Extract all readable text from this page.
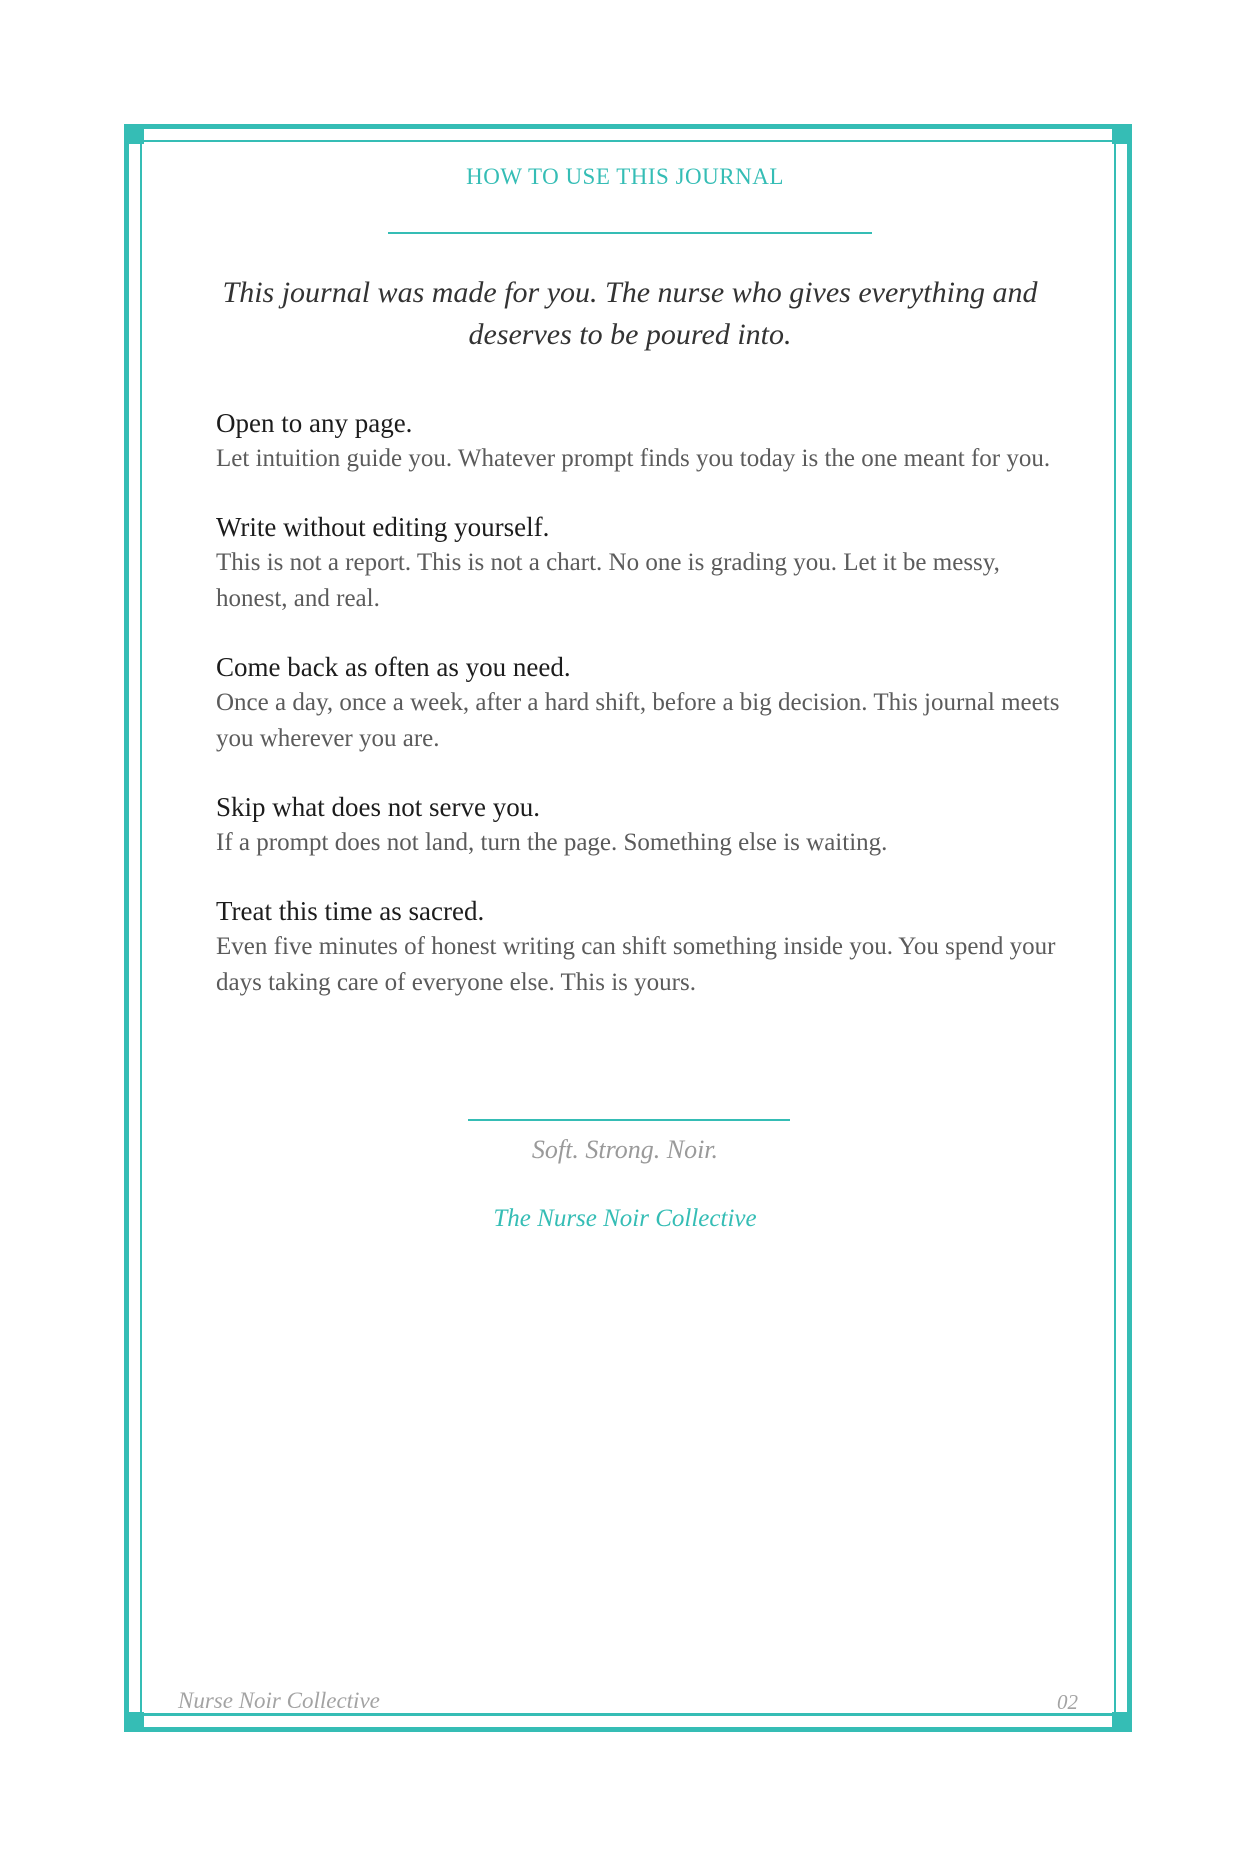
HOW TO USE THIS JOURNAL
This journal was made for you. The nurse who gives everything and deserves to be poured into.
Open to any page.
Let intuition guide you. Whatever prompt finds you today is the one meant for you.
Write without editing yourself.
This is not a report. This is not a chart. No one is grading you. Let it be messy, honest, and real.
Come back as often as you need.
Once a day, once a week, after a hard shift, before a big decision. This journal meets you wherever you are.
Skip what does not serve you.
If a prompt does not land, turn the page. Something else is waiting.
Treat this time as sacred.
Even five minutes of honest writing can shift something inside you. You spend your days taking care of everyone else. This is yours.
Soft. Strong. Noir.
The Nurse Noir Collective
Nurse Noir Collective	02
